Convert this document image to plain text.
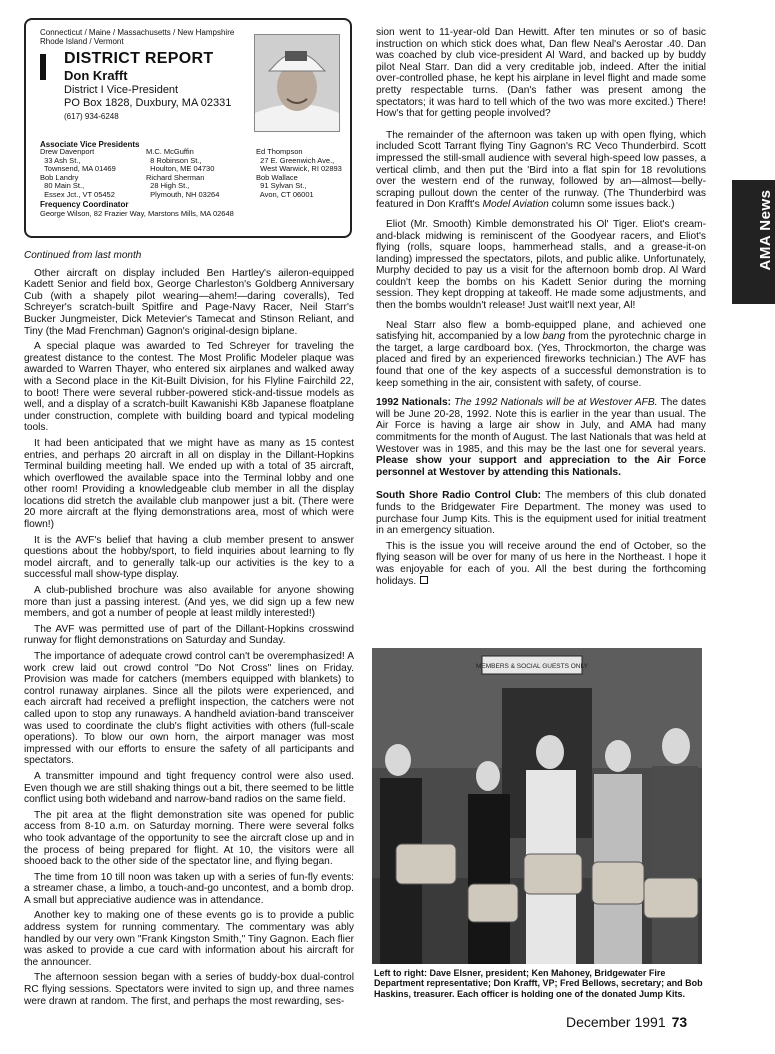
Connecticut / Maine / Massachusetts / New Hampshire Rhode Island / Vermont
DISTRICT REPORT
Don Krafft
District I Vice-President
PO Box 1828, Duxbury, MA 02331
(617) 934-6248
Associate Vice Presidents
Drew Davenport
33 Ash St.,
Townsend, MA 01469
Bob Landry
80 Main St.,
Essex Jct., VT 05452
M.C. McGuffin
8 Robinson St.,
Houlton, ME 04730
Richard Sherman
28 High St.,
Plymouth, NH 03264
Ed Thompson
27 E. Greenwich Ave.,
West Warwick, RI 02893
Bob Wallace
91 Sylvan St.,
Avon, CT 06001
Frequency Coordinator
George Wilson, 82 Frazier Way, Marstons Mills, MA 02648

Continued from last month

Other aircraft on display included Ben Hartley's aileron-equipped Kadett Senior and field box, George Charleston's Goldberg Anniversary Cub (with a shapely pilot wearing—ahem!—daring coveralls), Ted Schreyer's scratch-built Spitfire and Page-Navy Racer, Neil Starr's Bucker Jungmeister, Dick Metevier's Tamecat and Stinson Reliant, and Tiny (the Mad Frenchman) Gagnon's original-design biplane.

A special plaque was awarded to Ted Schreyer for traveling the greatest distance to the contest. The Most Prolific Modeler plaque was awarded to Warren Thayer, who entered six airplanes and walked away with a Second place in the Kit-Built Division, for his Flyline Fairchild 22, to boot! There were several rubber-powered stick-and-tissue models as well, and a display of a scratch-built Kawanishi K8b Japanese floatplane under construction, complete with building board and typical modeling tools.

It had been anticipated that we might have as many as 15 contest entries, and perhaps 20 aircraft in all on display in the Dillant-Hopkins Terminal building meeting hall. We ended up with a total of 35 aircraft, which overflowed the available space into the Terminal lobby and one other room! Providing a knowledgeable club member in all the display locations did stretch the available club manpower just a bit. (There were 20 more aircraft at the flying demonstrations area, most of which were flown!)

It is the AVF's belief that having a club member present to answer questions about the hobby/sport, to field inquiries about learning to fly model aircraft, and to generally talk-up our activities is the key to a successful mall show-type display.

A club-published brochure was also available for anyone showing more than just a passing interest. (And yes, we did sign up a few new members, and got a number of people at least mildly interested!)

The AVF was permitted use of part of the Dillant-Hopkins crosswind runway for flight demonstrations on Saturday and Sunday.

The importance of adequate crowd control can't be overemphasized! A work crew laid out crowd control "Do Not Cross" lines on Friday. Provision was made for catchers (members equipped with blankets) to control runaway airplanes. Since all the pilots were experienced, and each aircraft had received a preflight inspection, the catchers were not called upon to stop any runaways. A handheld aviation-band transceiver was used to coordinate the club's flight activities with others (full-scale operations). To blow our own horn, the airport manager was most impressed with our efforts to ensure the safety of all participants and spectators.

A transmitter impound and tight frequency control were also used. Even though we are still shaking things out a bit, there seemed to be little conflict using both wideband and narrow-band radios on the same field.

The pit area at the flight demonstration site was opened for public access from 8-10 a.m. on Saturday morning. There were several folks who took advantage of the opportunity to see the aircraft close up and in the process of being prepared for flight. At 10, the visitors were all shooed back to the other side of the spectator line, and flying began.

The time from 10 till noon was taken up with a series of fun-fly events: a streamer chase, a limbo, a touch-and-go uncontest, and a bomb drop. A small but appreciative audience was in attendance.

Another key to making one of these events go is to provide a public address system for running commentary. The commentary was ably handled by our very own "Frank Kingston Smith," Tiny Gagnon. Each flier was asked to provide a cue card with information about his aircraft for the announcer.

The afternoon session began with a series of buddy-box dual-control RC flying sessions. Spectators were invited to sign up, and three names were drawn at random. The first, and perhaps the most rewarding, ses-

sion went to 11-year-old Dan Hewitt. After ten minutes or so of basic instruction on which stick does what, Dan flew Neal's Aerostar .40. Dan was coached by club vice-president Al Ward, and backed up by buddy pilot Neal Starr. Dan did a very creditable job, indeed. After the initial over-controlled phase, he kept his airplane in level flight and made some pretty respectable turns. (Dan's father was present among the spectators; it was hard to tell which of the two was more excited.) There! How's that for getting people involved?

The remainder of the afternoon was taken up with open flying, which included Scott Tarrant flying Tiny Gagnon's RC Veco Thunderbird. Scott impressed the still-small audience with several high-speed low passes, a vertical climb, and then put the 'Bird into a flat spin for 18 revolutions over the western end of the runway, followed by an—almost—belly-scraping pullout down the center of the runway. (The Thunderbird was featured in Don Krafft's Model Aviation column some issues back.)

Eliot (Mr. Smooth) Kimble demonstrated his Ol' Tiger. Eliot's cream-and-black midwing is reminiscent of the Goodyear racers, and Eliot's flying (rolls, square loops, hammerhead stalls, and a grease-it-on landing) impressed the spectators, pilots, and public alike. Unfortunately, Murphy decided to pay us a visit for the afternoon bomb drop. Al Ward couldn't keep the bombs on his Kadett Senior during the morning session. They kept dropping at takeoff. He made some adjustments, and then the bombs wouldn't release! Just wait'll next year, Al!

Neal Starr also flew a bomb-equipped plane, and achieved one satisfying hit, accompanied by a low bang from the pyrotechnic charge in the target, a large cardboard box. (Yes, Throckmorton, the charge was placed and fired by an experienced fireworks technician.) The AVF has found that one of the key aspects of a successful demonstration is to keep something in the air, consistent with safety, of course.

1992 Nationals: The 1992 Nationals will be at Westover AFB. The dates will be June 20-28, 1992. Note this is earlier in the year than usual. The Air Force is having a large air show in July, and AMA had many commitments for the month of August. The last Nationals that was held at Westover was in 1985, and this may be the last one for several years. Please show your support and appreciation to the Air Force personnel at Westover by attending this Nationals.

South Shore Radio Control Club: The members of this club donated funds to the Bridgewater Fire Department. The money was used to purchase four Jump Kits. This is the equipment used for initial treatment in an emergency situation.

This is the issue you will receive around the end of October, so the flying season will be over for many of us here in the Northeast. I hope it was enjoyable for each of you. All the best during the forthcoming holidays.

AMA News
MEMBERS & SOCIAL GUESTS ONLY
Left to right: Dave Elsner, president; Ken Mahoney, Bridgewater Fire Department representative; Don Krafft, VP; Fred Bellows, secretary; and Bob Haskins, treasurer. Each officer is holding one of the donated Jump Kits.
December 1991 73
